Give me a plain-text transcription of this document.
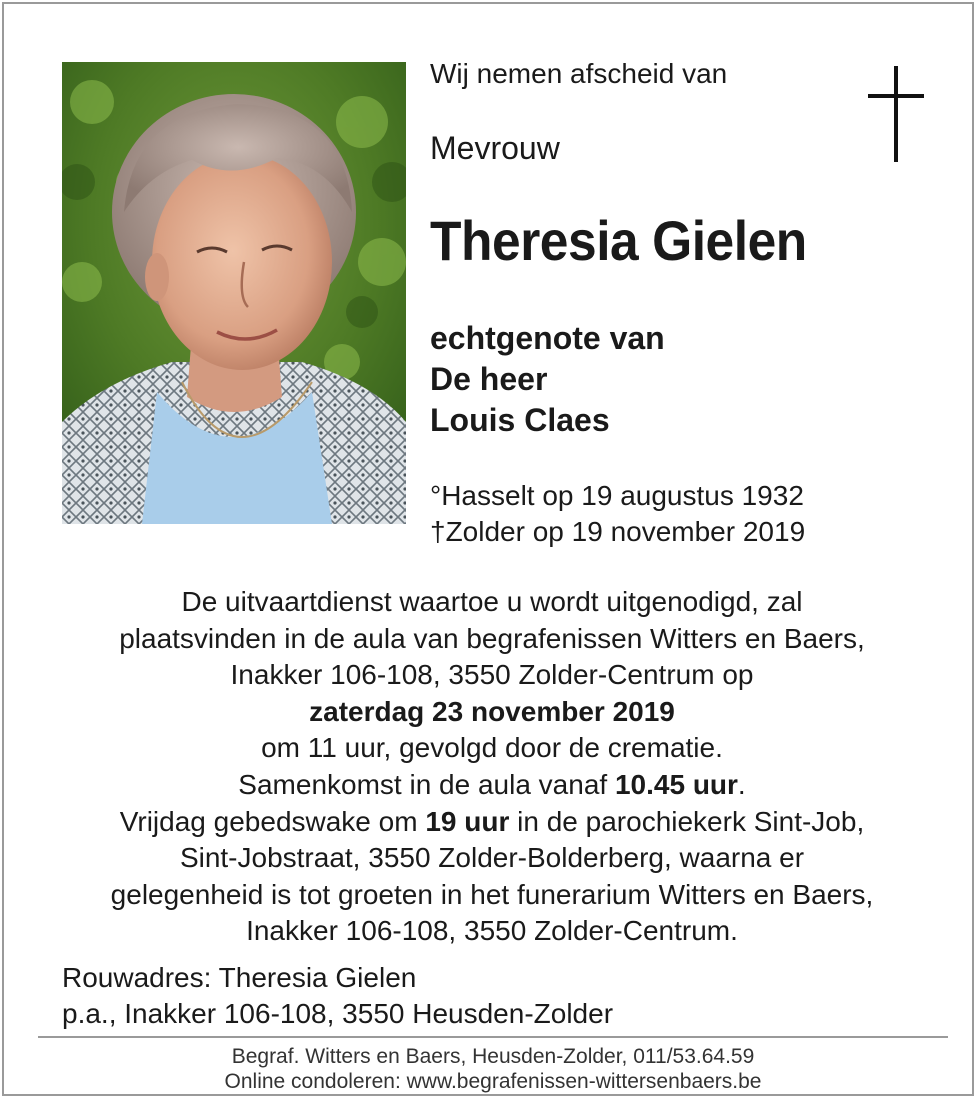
Wij nemen afscheid van
Mevrouw
Theresia Gielen
echtgenote van
De heer
Louis Claes
°Hasselt op 19 augustus 1932
†Zolder op 19 november 2019
De uitvaartdienst waartoe u wordt uitgenodigd, zal
plaatsvinden in de aula van begrafenissen Witters en Baers,
Inakker 106-108, 3550 Zolder-Centrum op
zaterdag 23 november 2019
om 11 uur, gevolgd door de crematie.
Samenkomst in de aula vanaf 10.45 uur.
Vrijdag gebedswake om 19 uur in de parochiekerk Sint-Job,
Sint-Jobstraat, 3550 Zolder-Bolderberg, waarna er
gelegenheid is tot groeten in het funerarium Witters en Baers,
Inakker 106-108, 3550 Zolder-Centrum.
Rouwadres: Theresia Gielen
p.a., Inakker 106-108, 3550 Heusden-Zolder
Begraf. Witters en Baers, Heusden-Zolder, 011/53.64.59
Online condoleren: www.begrafenissen-wittersenbaers.be
